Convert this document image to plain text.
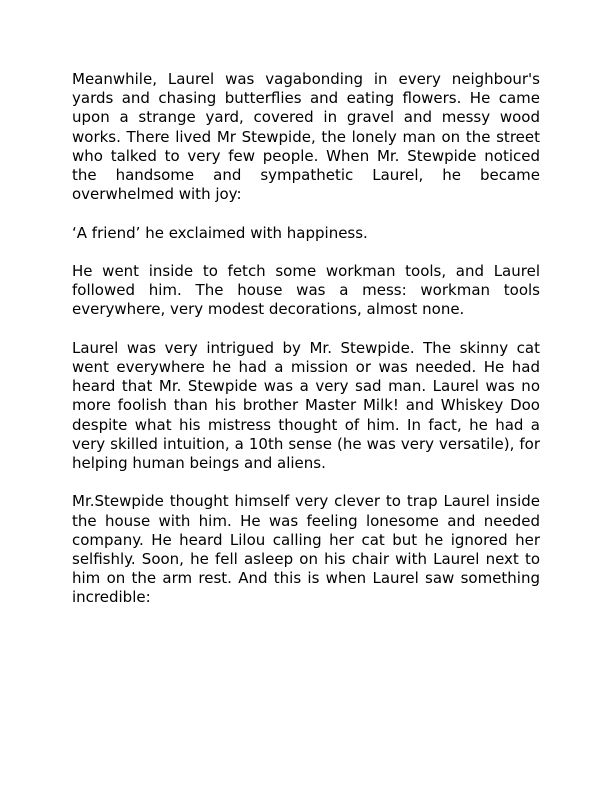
Meanwhile, Laurel was vagabonding in every neighbour's yards and chasing butterflies and eating flowers. He came upon a strange yard, covered in gravel and messy wood works. There lived Mr Stewpide, the lonely man on the street who talked to very few people. When Mr. Stewpide noticed the handsome and sympathetic Laurel, he became overwhelmed with joy:

‘A friend’ he exclaimed with happiness.

He went inside to fetch some workman tools, and Laurel followed him. The house was a mess: workman tools everywhere, very modest decorations, almost none.

Laurel was very intrigued by Mr. Stewpide. The skinny cat went everywhere he had a mission or was needed. He had heard that Mr. Stewpide was a very sad man. Laurel was no more foolish than his brother Master Milk! and Whiskey Doo despite what his mistress thought of him. In fact, he had a very skilled intuition, a 10th sense (he was very versatile), for helping human beings and aliens.

Mr.Stewpide thought himself very clever to trap Laurel inside the house with him. He was feeling lonesome and needed company. He heard Lilou calling her cat but he ignored her selfishly. Soon, he fell asleep on his chair with Laurel next to him on the arm rest. And this is when Laurel saw something incredible:
